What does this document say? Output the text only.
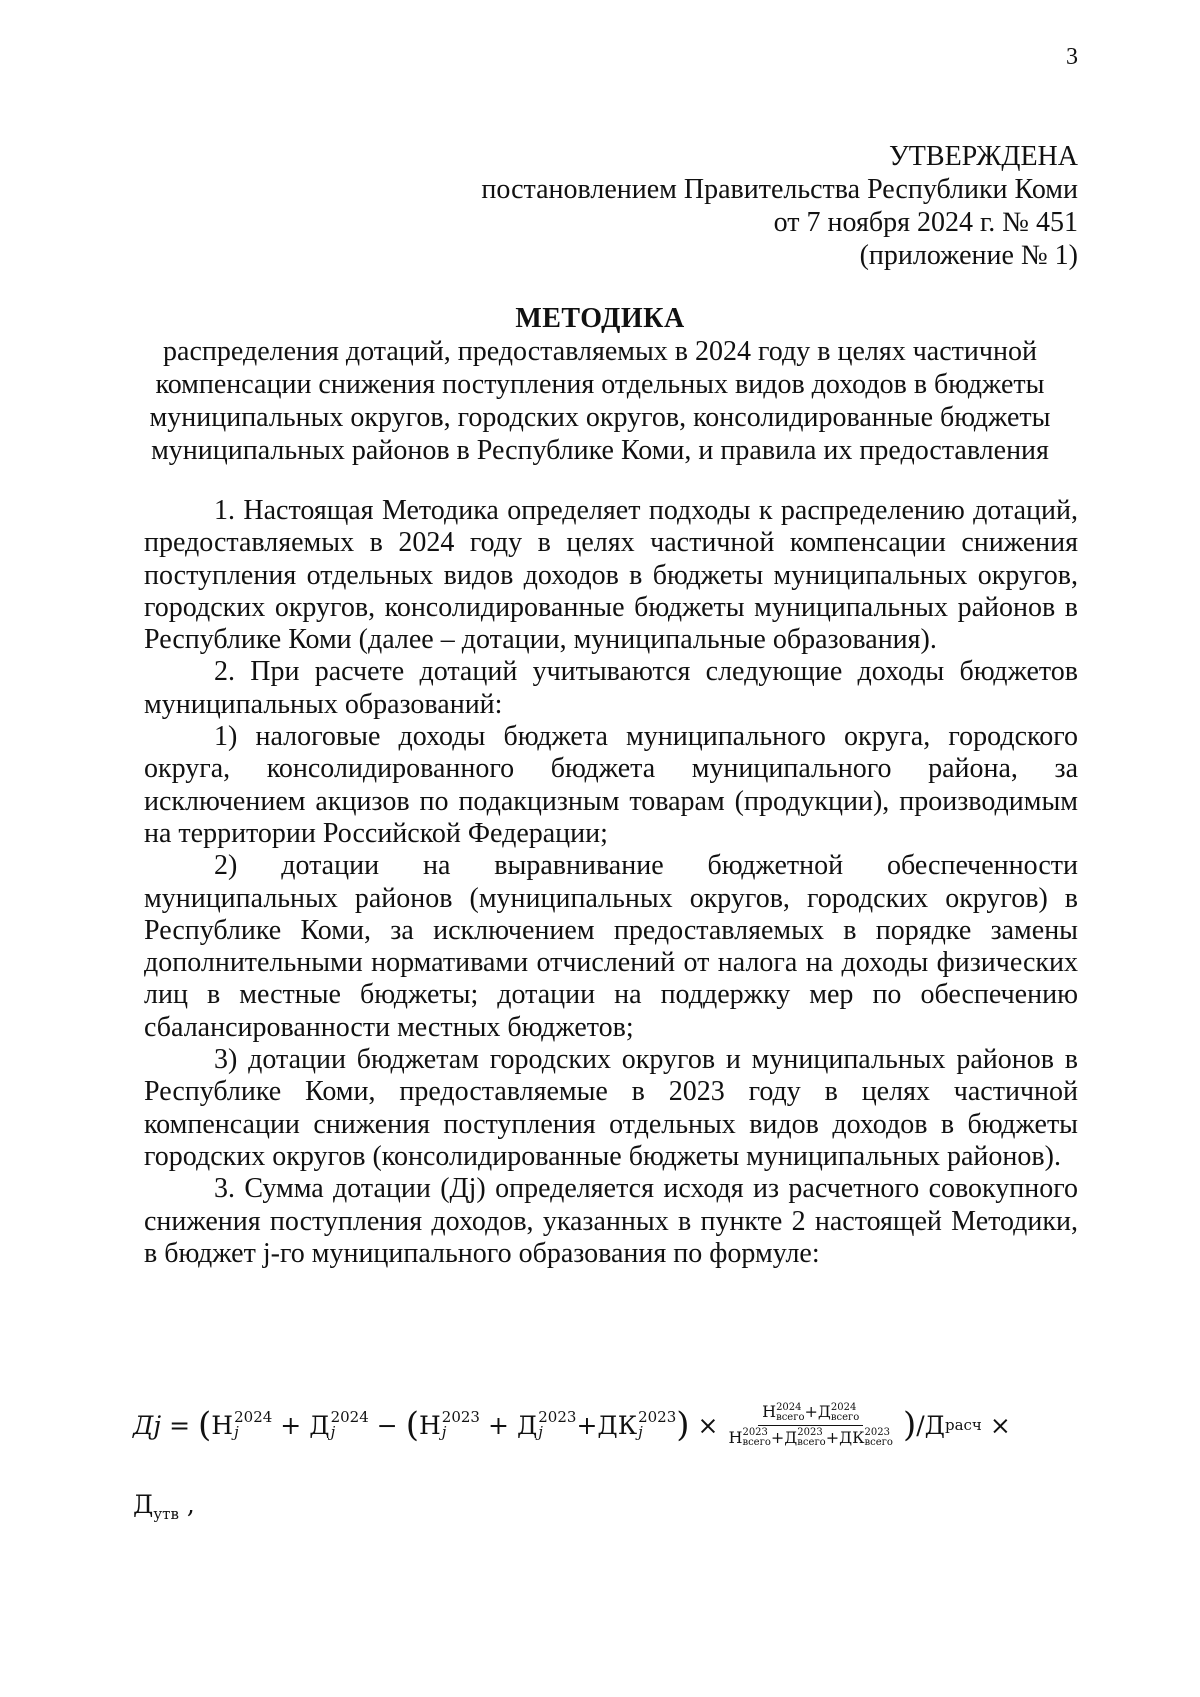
3
УТВЕРЖДЕНА
постановлением Правительства Республики Коми
от 7 ноября 2024 г. № 451
(приложение № 1)
МЕТОДИКА
распределения дотаций, предоставляемых в 2024 году в целях частичной компенсации снижения поступления отдельных видов доходов в бюджеты муниципальных округов, городских округов, консолидированные бюджеты муниципальных районов в Республике Коми, и правила их предоставления

1. Настоящая Методика определяет подходы к распределению дотаций, предоставляемых в 2024 году в целях частичной компенсации снижения поступления отдельных видов доходов в бюджеты муниципальных округов, городских округов, консолидированные бюджеты муниципальных районов в Республике Коми (далее – дотации, муниципальные образования).

2. При расчете дотаций учитываются следующие доходы бюджетов муниципальных образований:

1) налоговые доходы бюджета муниципального округа, городского округа, консолидированного бюджета муниципального района, за исключением акцизов по подакцизным товарам (продукции), производимым на территории Российской Федерации;

2) дотации на выравнивание бюджетной обеспеченности муниципальных районов (муниципальных округов, городских округов) в Республике Коми, за исключением предоставляемых в порядке замены дополнительными нормативами отчислений от налога на доходы физических лиц в местные бюджеты; дотации на поддержку мер по обеспечению сбалансированности местных бюджетов;

3) дотации бюджетам городских округов и муниципальных районов в Республике Коми, предоставляемые в 2023 году в целях частичной компенсации снижения поступления отдельных видов доходов в бюджеты городских округов (консолидированные бюджеты муниципальных районов).

3. Сумма дотации (Дj) определяется исходя из расчетного совокупного снижения поступления доходов, указанных в пункте 2 настоящей Методики, в бюджет j-го муниципального образования по формуле:

Дj = ( Н 2024
j	+ Д 2024
j	− ( Н 2023
j	+ Д 2023
j	+ ДК 2023
j ) × Н 2024
всего +Д 2024
всего
Н 2023
всего +Д 2023
всего +ДК 2023
всего ) / Д расч ×
$Д_{утв}$ ,
